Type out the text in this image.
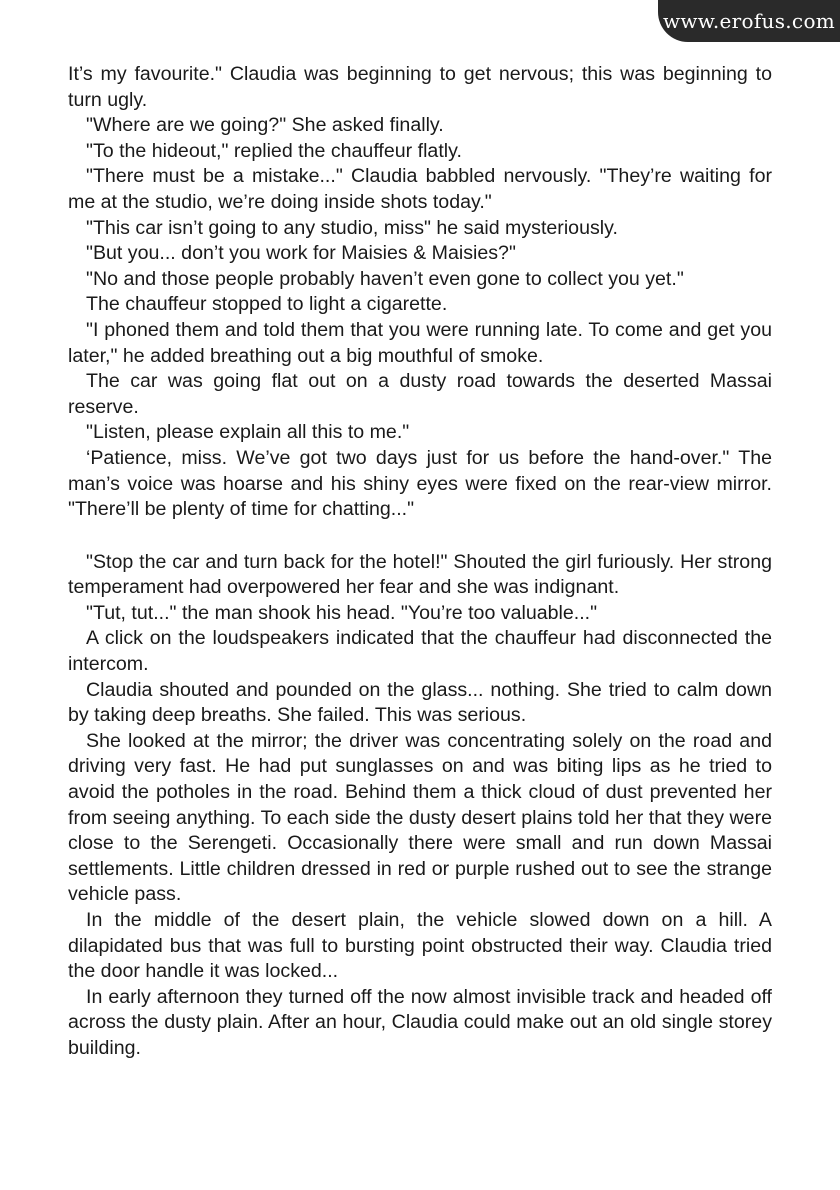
www.erofus.com

It’s my favourite." Claudia was beginning to get nervous; this was beginning to turn ugly.

"Where are we going?" She asked finally.

"To the hideout," replied the chauffeur flatly.

"There must be a mistake..." Claudia babbled nervously. "They’re waiting for me at the studio, we’re doing inside shots today."

"This car isn’t going to any studio, miss" he said mysteriously.

"But you... don’t you work for Maisies & Maisies?"

"No and those people probably haven’t even gone to collect you yet."

The chauffeur stopped to light a cigarette.

"I phoned them and told them that you were running late. To come and get you later," he added breathing out a big mouthful of smoke.

The car was going flat out on a dusty road towards the deserted Massai reserve.

"Listen, please explain all this to me."

‘Patience, miss. We’ve got two days just for us before the hand-over." The man’s voice was hoarse and his shiny eyes were fixed on the rear-view mirror. "There’ll be plenty of time for chatting..."

"Stop the car and turn back for the hotel!" Shouted the girl furiously. Her strong temperament had overpowered her fear and she was indignant.

"Tut, tut..." the man shook his head. "You’re too valuable..."

A click on the loudspeakers indicated that the chauffeur had disconnected the intercom.

Claudia shouted and pounded on the glass... nothing. She tried to calm down by taking deep breaths. She failed. This was serious.

She looked at the mirror; the driver was concentrating solely on the road and driving very fast. He had put sunglasses on and was biting lips as he tried to avoid the potholes in the road. Behind them a thick cloud of dust prevented her from seeing anything. To each side the dusty desert plains told her that they were close to the Serengeti. Occasionally there were small and run down Massai settlements. Little children dressed in red or purple rushed out to see the strange vehicle pass.

In the middle of the desert plain, the vehicle slowed down on a hill. A dilapidated bus that was full to bursting point obstructed their way. Claudia tried the door handle it was locked...

In early afternoon they turned off the now almost invisible track and headed off across the dusty plain. After an hour, Claudia could make out an old single storey building.
